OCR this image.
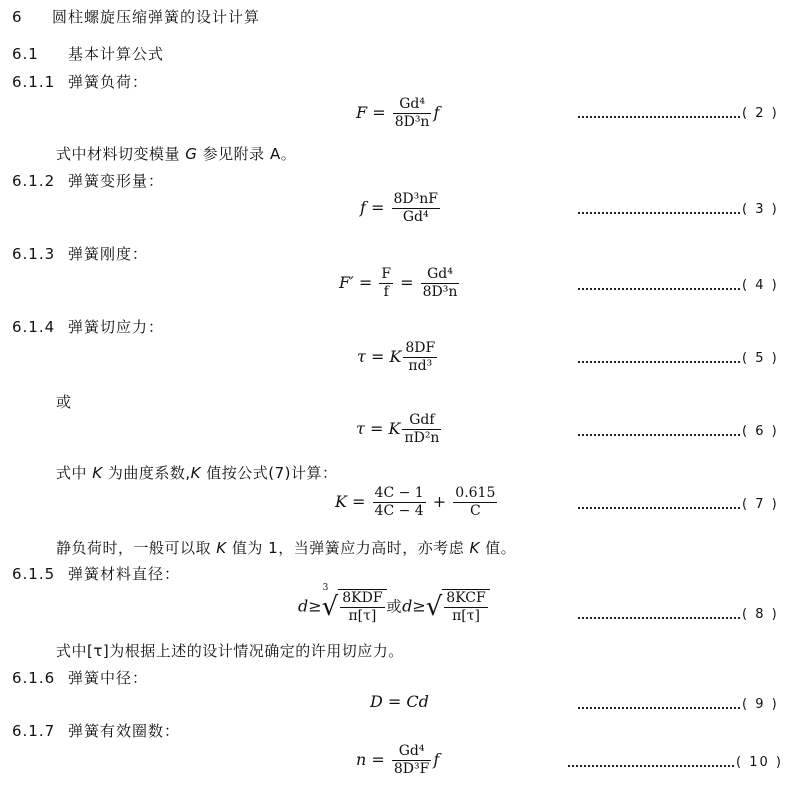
6 圆柱螺旋压缩弹簧的设计计算
6.1 基本计算公式
6.1.1 弹簧负荷：
$F = \frac{\text{Gd⁴}}{\text{8D³n}}$ f	( 2 )
式中材料切变模量 G 参见附录 A。
6.1.2 弹簧变形量：
$f = \frac{\text{8D³nF}}{\text{Gd⁴}}$	( 3 )
6.1.3 弹簧刚度：
$F' = \frac{F}{f} = \frac{\text{Gd⁴}}{\text{8D³n}}$	( 4 )
6.1.4 弹簧切应力：
τ = K $\frac{8DF}{\text{πd³}}$	( 5 )
或
τ = K $\frac{\text{Gdf}}{\text{πD²n}}$	( 6 )
式中 K 为曲度系数,K 值按公式(7)计算：
$K = \frac{4C - 1}{4C - 4} + \frac{0.615}{C}$	( 7 )
静负荷时，一般可以取 K 值为 1，当弹簧应力高时，亦考虑 K 值。
6.1.5 弹簧材料直径：
d≥
3
√ $\frac{\text{8KDF}}{\pi[\tau]}$ 或$d\ge√ \frac{\text{8KCF}}{\pi[\tau]}$	( 8 )
式中[τ]为根据上述的设计情况确定的许用切应力。
6.1.6 弹簧中径：
D = Cd	( 9 )
6.1.7 弹簧有效圈数：
$n = \frac{\text{Gd⁴}}{\text{8D³F}}$ f	( 10 )
